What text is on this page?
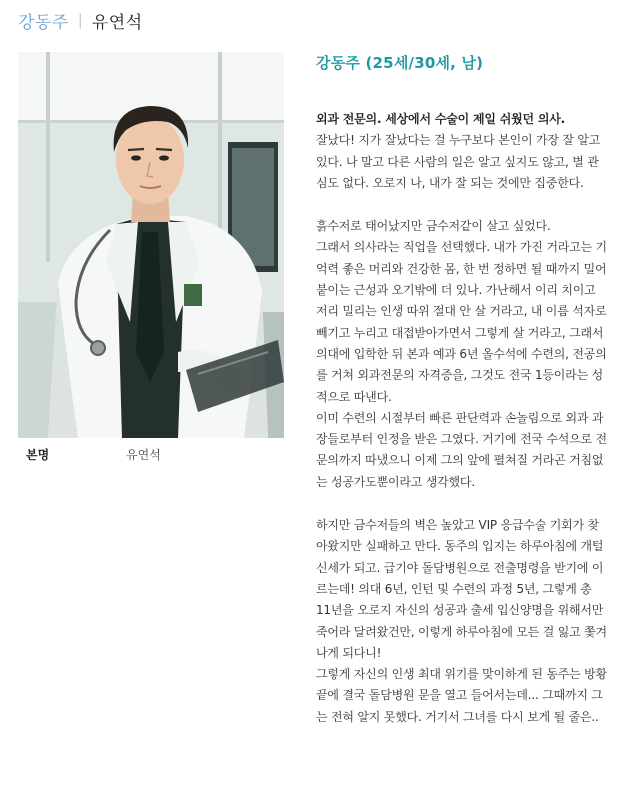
강동주 | 유연석
본명	유연석
강동주 (25세/30세, 남)

외과 전문의. 세상에서 수술이 제일 쉬웠던 의사.
잘났다! 지가 잘났다는 걸 누구보다 본인이 가장 잘 알고 있다. 나 말고 다른 사람의 일은 알고 싶지도 않고, 별 관심도 없다. 오로지 나, 내가 잘 되는 것에만 집중한다.

흙수저로 태어났지만 금수저같이 살고 싶었다.
그래서 의사라는 직업을 선택했다. 내가 가진 거라고는 기억력 좋은 머리와 건강한 몸, 한 번 정하면 될 때까지 밀어붙이는 근성과 오기밖에 더 있나. 가난해서 이리 치이고 저리 밀리는 인생 따위 절대 안 살 거라고, 내 이름 석자로 빼기고 누리고 대접받아가면서 그렇게 살 거라고, 그래서 의대에 입학한 뒤 본과 예과 6년 올수석에 수련의, 전공의를 거쳐 외과전문의 자격증을, 그것도 전국 1등이라는 성적으로 따낸다.
이미 수련의 시절부터 빠른 판단력과 손놀림으로 외과 과장들로부터 인정을 받은 그였다. 거기에 전국 수석으로 전문의까지 따냈으니 이제 그의 앞에 펼쳐질 거라곤 거침없는 성공가도뿐이라고 생각했다.

하지만 금수저들의 벽은 높았고 VIP 응급수술 기회가 찾아왔지만 실패하고 만다. 동주의 입지는 하루아침에 개털신세가 되고. 급기야 돌담병원으로 전출명령을 받기에 이르는데! 의대 6년, 인턴 및 수련의 과정 5년, 그렇게 총 11년을 오로지 자신의 성공과 출세 입신양명을 위해서만 죽어라 달려왔건만, 이렇게 하루아침에 모든 걸 잃고 쫓겨나게 되다니!
그렇게 자신의 인생 최대 위기를 맞이하게 된 동주는 방황 끝에 결국 돌담병원 문을 열고 들어서는데... 그때까지 그는 전혀 알지 못했다. 거기서 그녀를 다시 보게 될 줄은..
